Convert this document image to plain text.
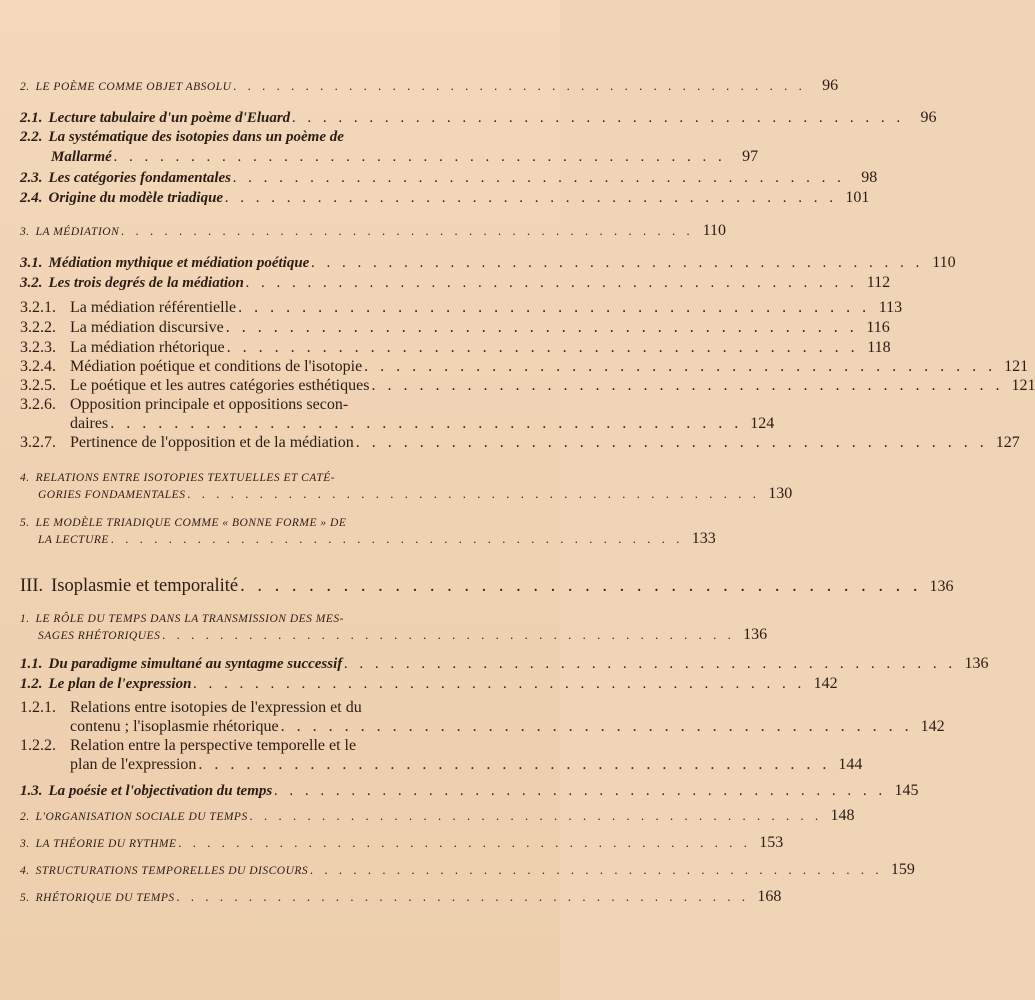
2. LE POÈME COMME OBJET ABSOLU . . . . . . . . . . . . . . . . . . . . . . . . . . . . . . . . . . . . . . . .	96
2.1. Lecture tabulaire d'un poème d'Eluard . . . . . . . . . . . . . . . . . . . . . . . . . . . . . . . . . . . . . . . .	96
2.2. La systématique des isotopies dans un poème de
Mallarmé . . . . . . . . . . . . . . . . . . . . . . . . . . . . . . . . . . . . . . . .	97
2.3. Les catégories fondamentales . . . . . . . . . . . . . . . . . . . . . . . . . . . . . . . . . . . . . . . .	98
2.4. Origine du modèle triadique . . . . . . . . . . . . . . . . . . . . . . . . . . . . . . . . . . . . . . . . 101
3. LA MÉDIATION . . . . . . . . . . . . . . . . . . . . . . . . . . . . . . . . . . . . . . . . 110
3.1. Médiation mythique et médiation poétique . . . . . . . . . . . . . . . . . . . . . . . . . . . . . . . . . . . . . . . . 110
3.2. Les trois degrés de la médiation . . . . . . . . . . . . . . . . . . . . . . . . . . . . . . . . . . . . . . . . 112
3.2.1. La médiation référentielle . . . . . . . . . . . . . . . . . . . . . . . . . . . . . . . . . . . . . . . . 113
3.2.2. La médiation discursive . . . . . . . . . . . . . . . . . . . . . . . . . . . . . . . . . . . . . . . . 116
3.2.3. La médiation rhétorique . . . . . . . . . . . . . . . . . . . . . . . . . . . . . . . . . . . . . . . . 118
3.2.4. Médiation poétique et conditions de l'isotopie . . . . . . . . . . . . . . . . . . . . . . . . . . . . . . . . . . . . . . . . 121
3.2.5. Le poétique et les autres catégories esthétiques . . . . . . . . . . . . . . . . . . . . . . . . . . . . . . . . . . . . . . . . 121
3.2.6. Opposition principale et oppositions secon-
daires . . . . . . . . . . . . . . . . . . . . . . . . . . . . . . . . . . . . . . . . 124
3.2.7. Pertinence de l'opposition et de la médiation . . . . . . . . . . . . . . . . . . . . . . . . . . . . . . . . . . . . . . . . 127
4. RELATIONS ENTRE ISOTOPIES TEXTUELLES ET CATÉ-
GORIES FONDAMENTALES . . . . . . . . . . . . . . . . . . . . . . . . . . . . . . . . . . . . . . . . 130
5. LE MODÈLE TRIADIQUE COMME « BONNE FORME » DE
LA LECTURE . . . . . . . . . . . . . . . . . . . . . . . . . . . . . . . . . . . . . . . . 133
III. Isoplasmie et temporalité . . . . . . . . . . . . . . . . . . . . . . . . . . . . . . . . . . . . . . . . 136
1. LE RÔLE DU TEMPS DANS LA TRANSMISSION DES MES-
SAGES RHÉTORIQUES . . . . . . . . . . . . . . . . . . . . . . . . . . . . . . . . . . . . . . . . 136
1.1. Du paradigme simultané au syntagme successif . . . . . . . . . . . . . . . . . . . . . . . . . . . . . . . . . . . . . . . . 136
1.2. Le plan de l'expression . . . . . . . . . . . . . . . . . . . . . . . . . . . . . . . . . . . . . . . . 142
1.2.1. Relations entre isotopies de l'expression et du
contenu ; l'isoplasmie rhétorique . . . . . . . . . . . . . . . . . . . . . . . . . . . . . . . . . . . . . . . . 142
1.2.2. Relation entre la perspective temporelle et le
plan de l'expression . . . . . . . . . . . . . . . . . . . . . . . . . . . . . . . . . . . . . . . . 144
1.3. La poésie et l'objectivation du temps . . . . . . . . . . . . . . . . . . . . . . . . . . . . . . . . . . . . . . . . 145
2. L'ORGANISATION SOCIALE DU TEMPS . . . . . . . . . . . . . . . . . . . . . . . . . . . . . . . . . . . . . . . . 148
3. LA THÉORIE DU RYTHME . . . . . . . . . . . . . . . . . . . . . . . . . . . . . . . . . . . . . . . . 153
4. STRUCTURATIONS TEMPORELLES DU DISCOURS . . . . . . . . . . . . . . . . . . . . . . . . . . . . . . . . . . . . . . . . 159
5. RHÉTORIQUE DU TEMPS . . . . . . . . . . . . . . . . . . . . . . . . . . . . . . . . . . . . . . . . 168
